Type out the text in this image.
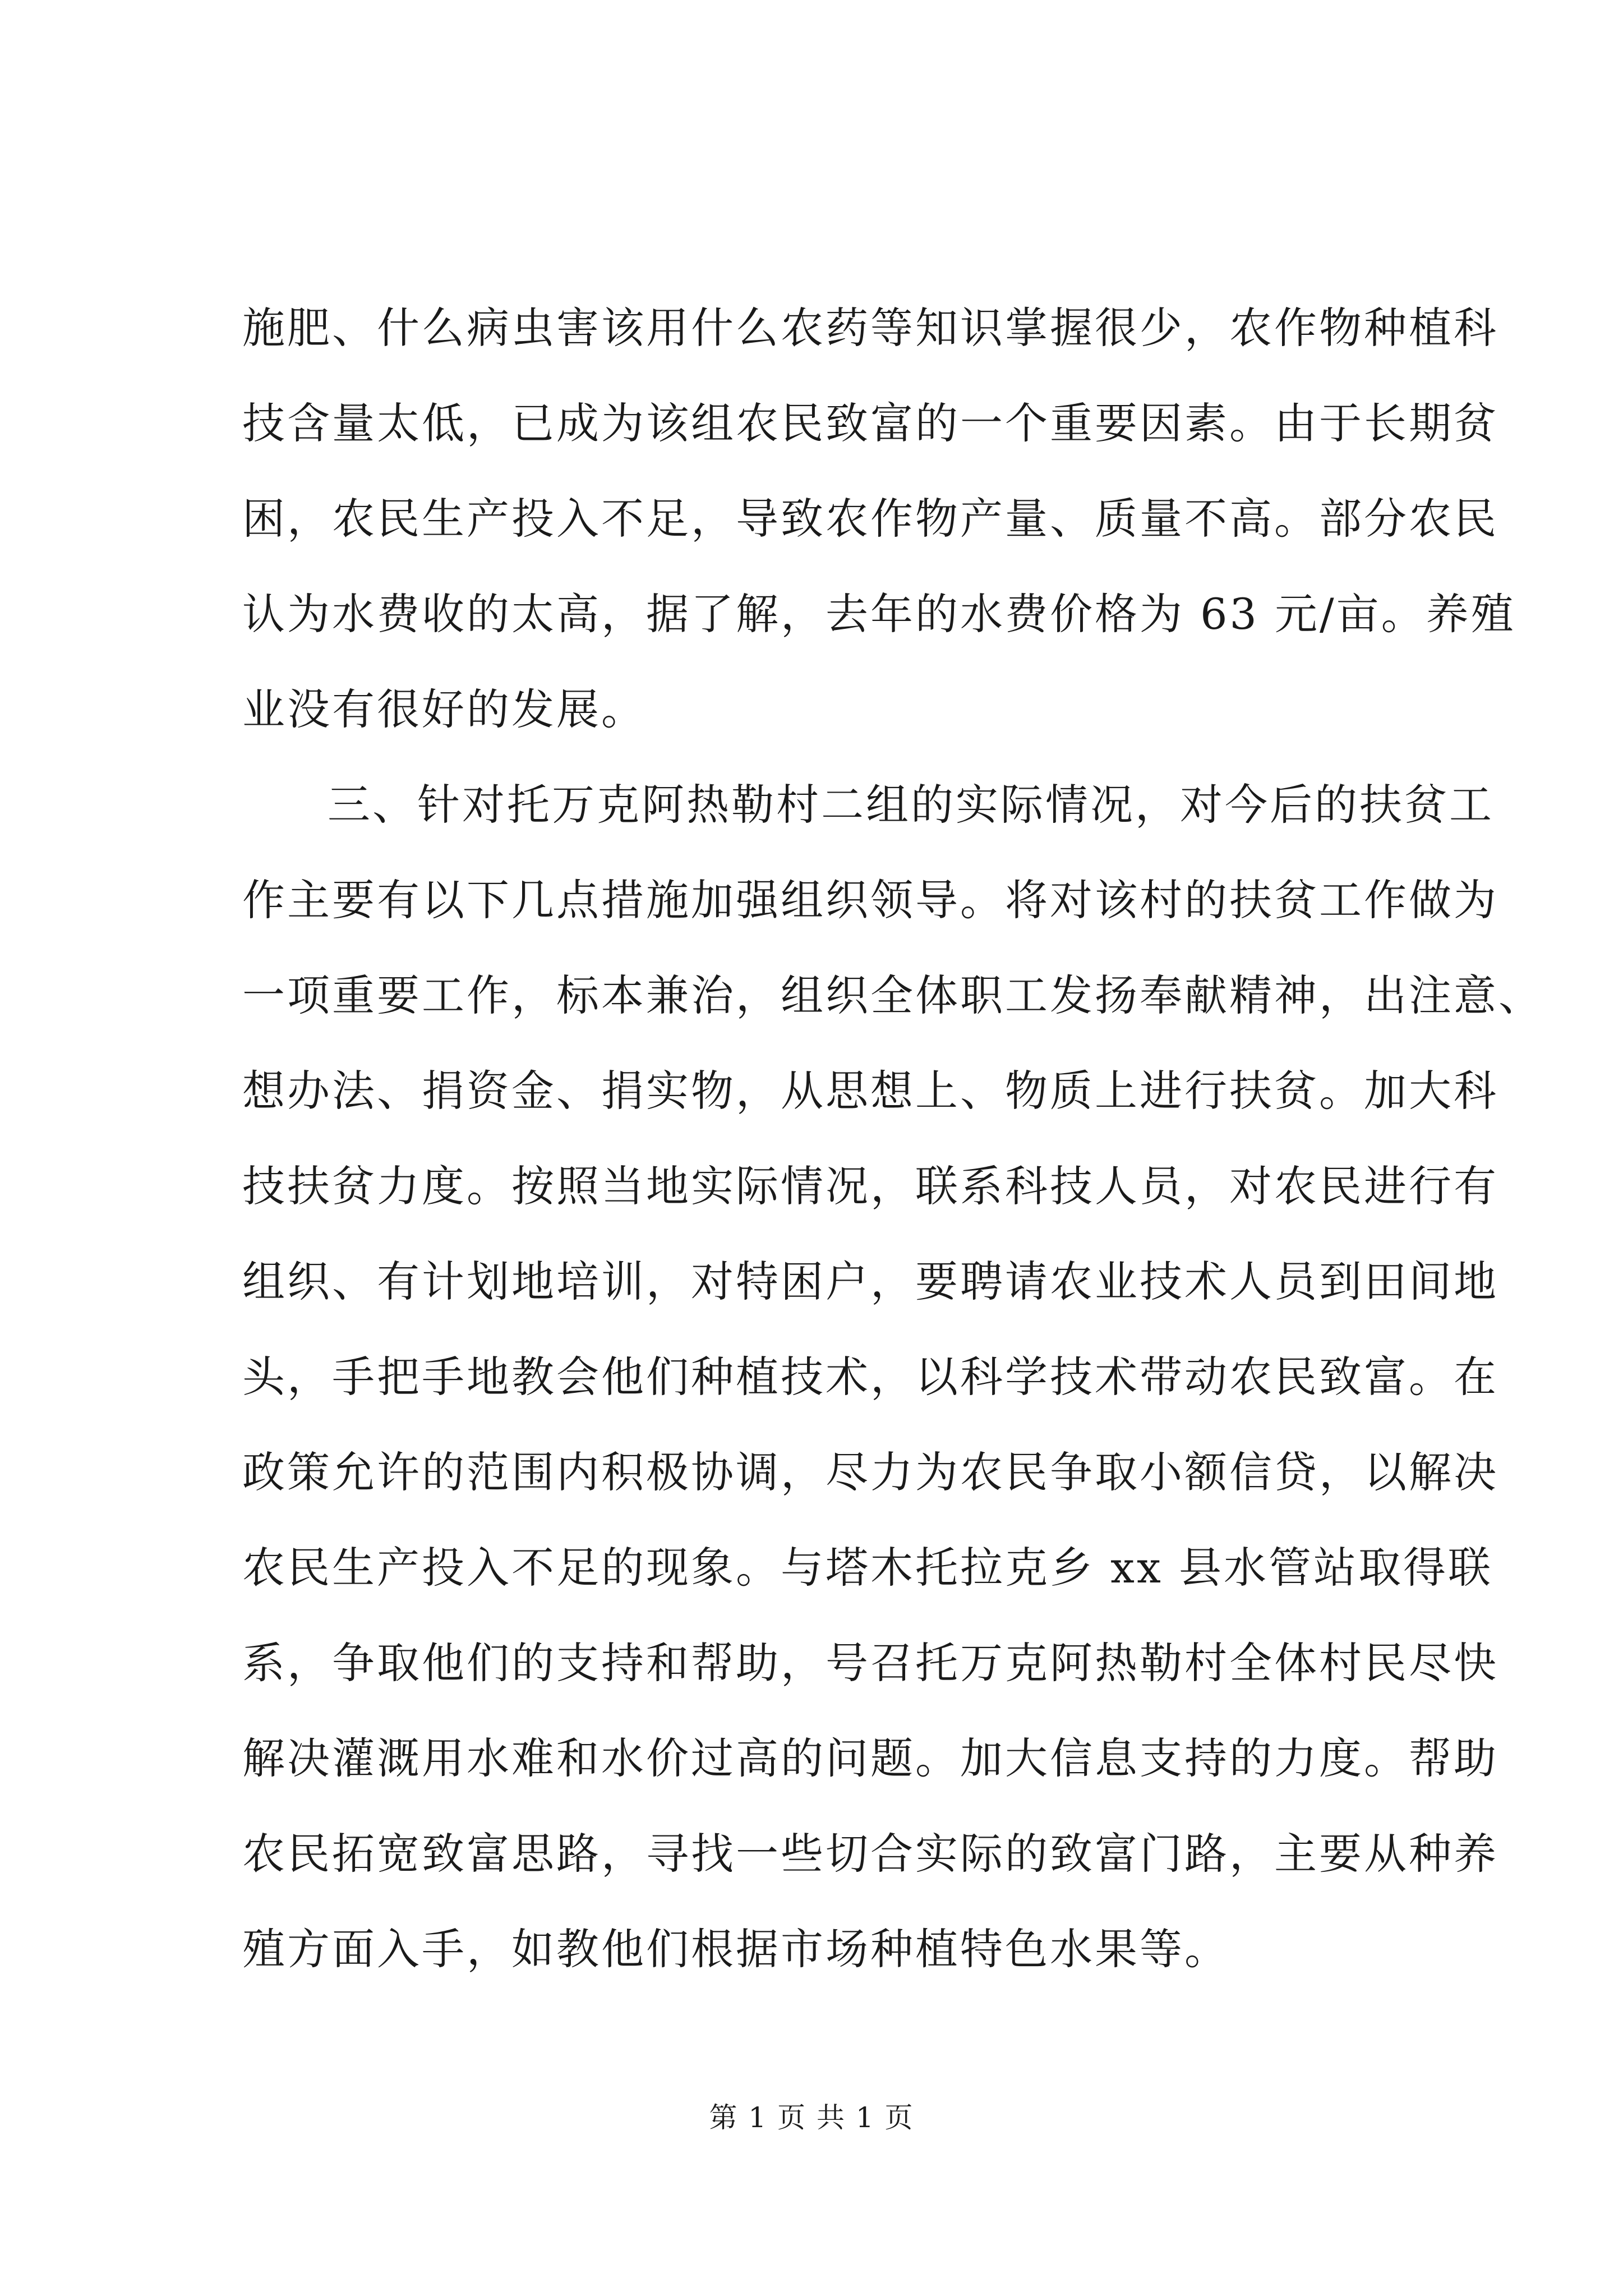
施肥、什么病虫害该用什么农药等知识掌握很少，农作物种植科
技含量太低，已成为该组农民致富的一个重要因素。由于长期贫
困，农民生产投入不足，导致农作物产量、质量不高。部分农民
认为水费收的太高，据了解，去年的水费价格为 63 元/亩。养殖
业没有很好的发展。
三、针对托万克阿热勒村二组的实际情况，对今后的扶贫工
作主要有以下几点措施加强组织领导。将对该村的扶贫工作做为
一项重要工作，标本兼治，组织全体职工发扬奉献精神，出注意、
想办法、捐资金、捐实物，从思想上、物质上进行扶贫。加大科
技扶贫力度。按照当地实际情况，联系科技人员，对农民进行有
组织、有计划地培训，对特困户，要聘请农业技术人员到田间地
头，手把手地教会他们种植技术，以科学技术带动农民致富。在
政策允许的范围内积极协调，尽力为农民争取小额信贷，以解决
农民生产投入不足的现象。与塔木托拉克乡 xx 县水管站取得联
系，争取他们的支持和帮助，号召托万克阿热勒村全体村民尽快
解决灌溉用水难和水价过高的问题。加大信息支持的力度。帮助
农民拓宽致富思路，寻找一些切合实际的致富门路，主要从种养
殖方面入手，如教他们根据市场种植特色水果等。
第 1 页 共 1 页
